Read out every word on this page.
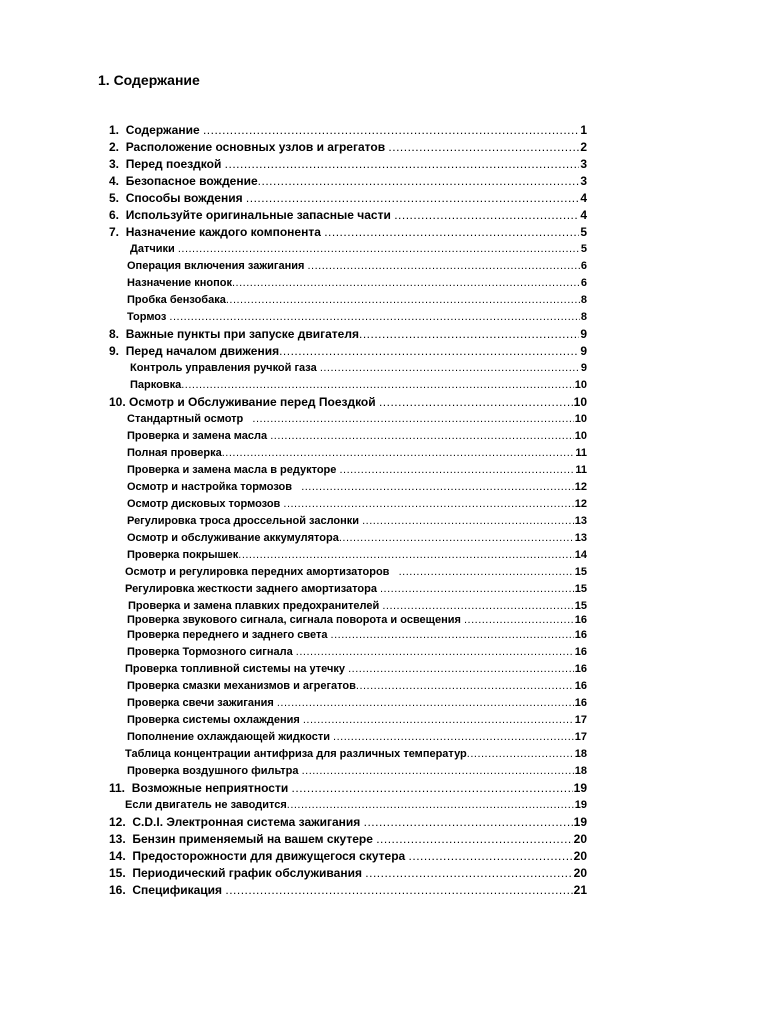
1. Содержание
1. Содержание .....	1
2. Расположение основных узлов и агрегатов .....	2
3. Перед поездкой .....	3
4. Безопасное вождение .....	3
5. Способы вождения .....	4
6. Используйте оригинальные запасные части .....	4
7. Назначение каждого компонента .....	5
Датчики .....	5
Операция включения зажигания .....	6
Назначение кнопок .....	6
Пробка бензобака .....	8
Тормоз .....	8
8. Важные пункты при запуске двигателя .....	9
9. Перед началом движения .....	9
Контроль управления ручкой газа .....	9
Парковка .....	10
10. Осмотр и Обслуживание перед Поездкой .....	10
Стандартный осмотр .....	10
Проверка и замена масла .....	10
Полная проверка .....	11
Проверка и замена масла в редукторе .....	11
Осмотр и настройка тормозов .....	12
Осмотр дисковых тормозов .....	12
Регулировка троса дроссельной заслонки .....	13
Осмотр и обслуживание аккумулятора .....	13
Проверка покрышек .....	14
Осмотр и регулировка передних амортизаторов .....	15
Регулировка жесткости заднего амортизатора .....	15
Проверка и замена плавких предохранителей .....	15
Проверка звукового сигнала, сигнала поворота и освещения .....	16
Проверка переднего и заднего света .....	16
Проверка Тормозного сигнала .....	16
Проверка топливной системы на утечку .....	16
Проверка смазки механизмов и агрегатов .....	16
Проверка свечи зажигания .....	16
Проверка системы охлаждения .....	17
Пополнение охлаждающей жидкости .....	17
Таблица концентрации антифриза для различных температур .....	18
Проверка воздушного фильтра .....	18
11. Возможные неприятности .....	19
Если двигатель не заводится .....	19
12. C.D.I. Электронная система зажигания .....	19
13. Бензин применяемый на вашем скутере .....	20
14. Предосторожности для движущегося скутера .....	20
15. Периодический график обслуживания .....	20
16. Спецификация .....	21
